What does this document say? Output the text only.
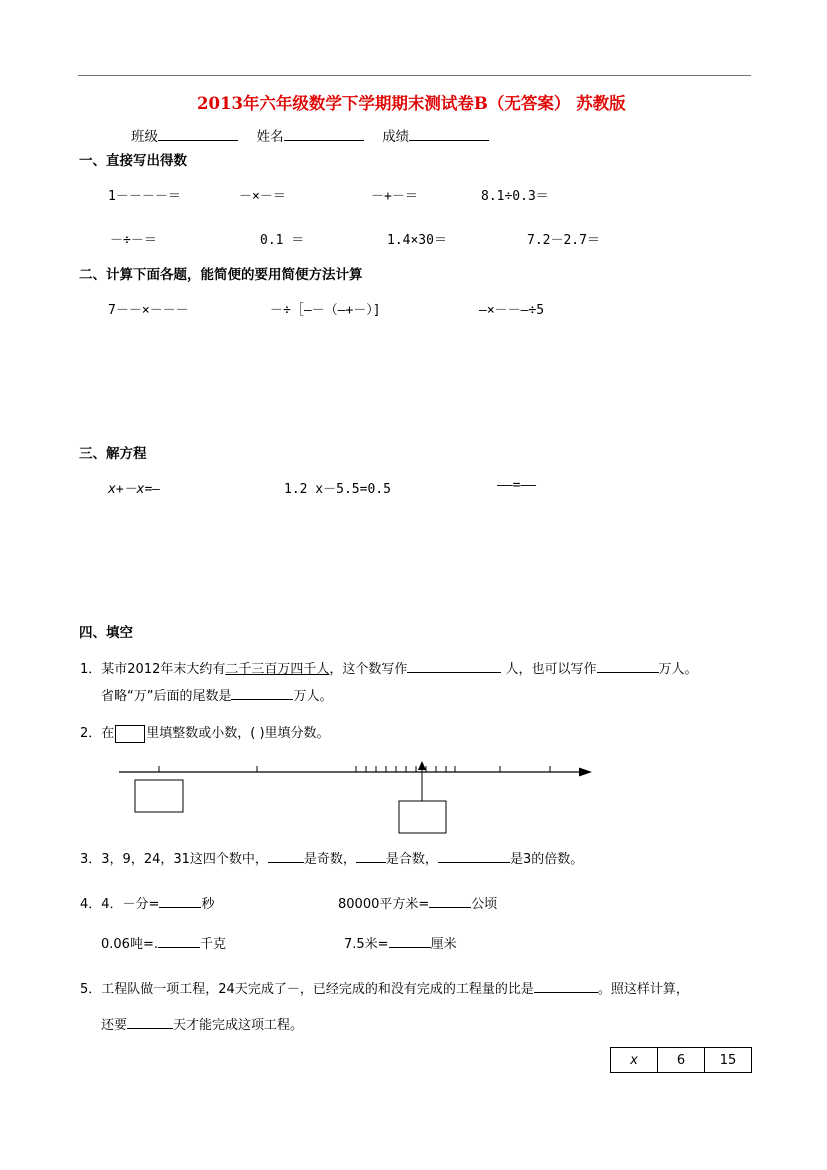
2013年六年级数学下学期期末测试卷B（无答案） 苏教版
班级	姓名	成绩
一、直接写出得数
1－－－－＝	－×－＝	－+－＝	8.1÷0.3＝
－÷－＝	0.1 ＝	1.4×30＝	7.2－2.7＝
二、计算下面各题，能简便的要用简便方法计算
7－－×－－－	－÷［—－（—+－）]	—×－－—÷5
三、解方程
x+－x=—	1.2 x－5.5=0.5	——=——
四、填空
1．某市2012年末大约有二千三百万四千人，这个数写作	人，也可以写作	万人。
省略“万”后面的尾数是	万人。
2．在 里填整数或小数，( )里填分数。
3．3，9，24，31这四个数中，	是奇数， 是合数，	是3的倍数。
4．4．－分=	秒	80000平方米=	公顷
0.06吨=.	千克	7.5米=	厘米
5．工程队做一项工程，24天完成了－，已经完成的和没有完成的工程量的比是	。照这样计算，
还要	天才能完成这项工程。
x	6	15
